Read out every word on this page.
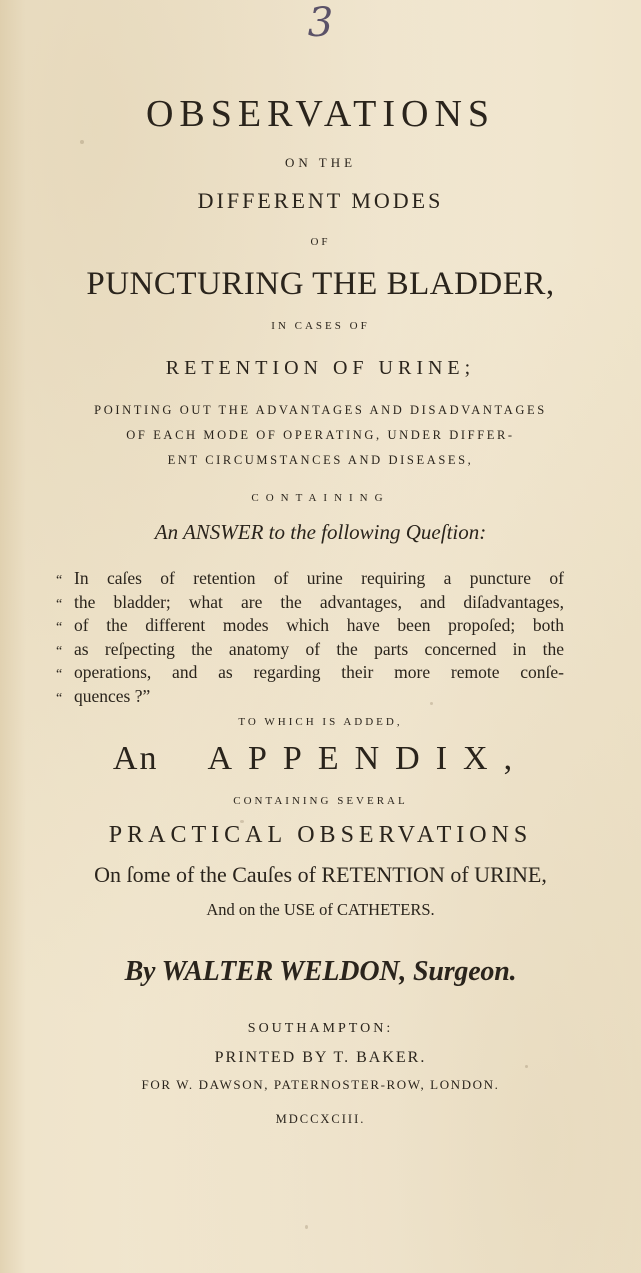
3
OBSERVATIONS
ON THE
DIFFERENT MODES
OF
PUNCTURING THE BLADDER,
IN CASES OF
RETENTION OF URINE;
POINTING OUT THE ADVANTAGES AND DISADVANTAGES
OF EACH MODE OF OPERATING, UNDER DIFFER-
ENT CIRCUMSTANCES AND DISEASES,
CONTAINING
An ANSWER to the following Queſtion:
“ In caſes of retention of urine requiring a puncture of
“ the bladder; what are the advantages, and diſadvantages,
“ of the different modes which have been propoſed; both
“ as reſpecting the anatomy of the parts concerned in the
“ operations, and as regarding their more remote conſe-
“ quences ?”
TO WHICH IS ADDED,
An APPENDIX,
CONTAINING SEVERAL
PRACTICAL OBSERVATIONS
On ſome of the Cauſes of RETENTION of URINE,
And on the USE of CATHETERS.
By WALTER WELDON, Surgeon.
SOUTHAMPTON:
PRINTED BY T. BAKER.
FOR W. DAWSON, PATERNOSTER-ROW, LONDON.
MDCCXCIII.
